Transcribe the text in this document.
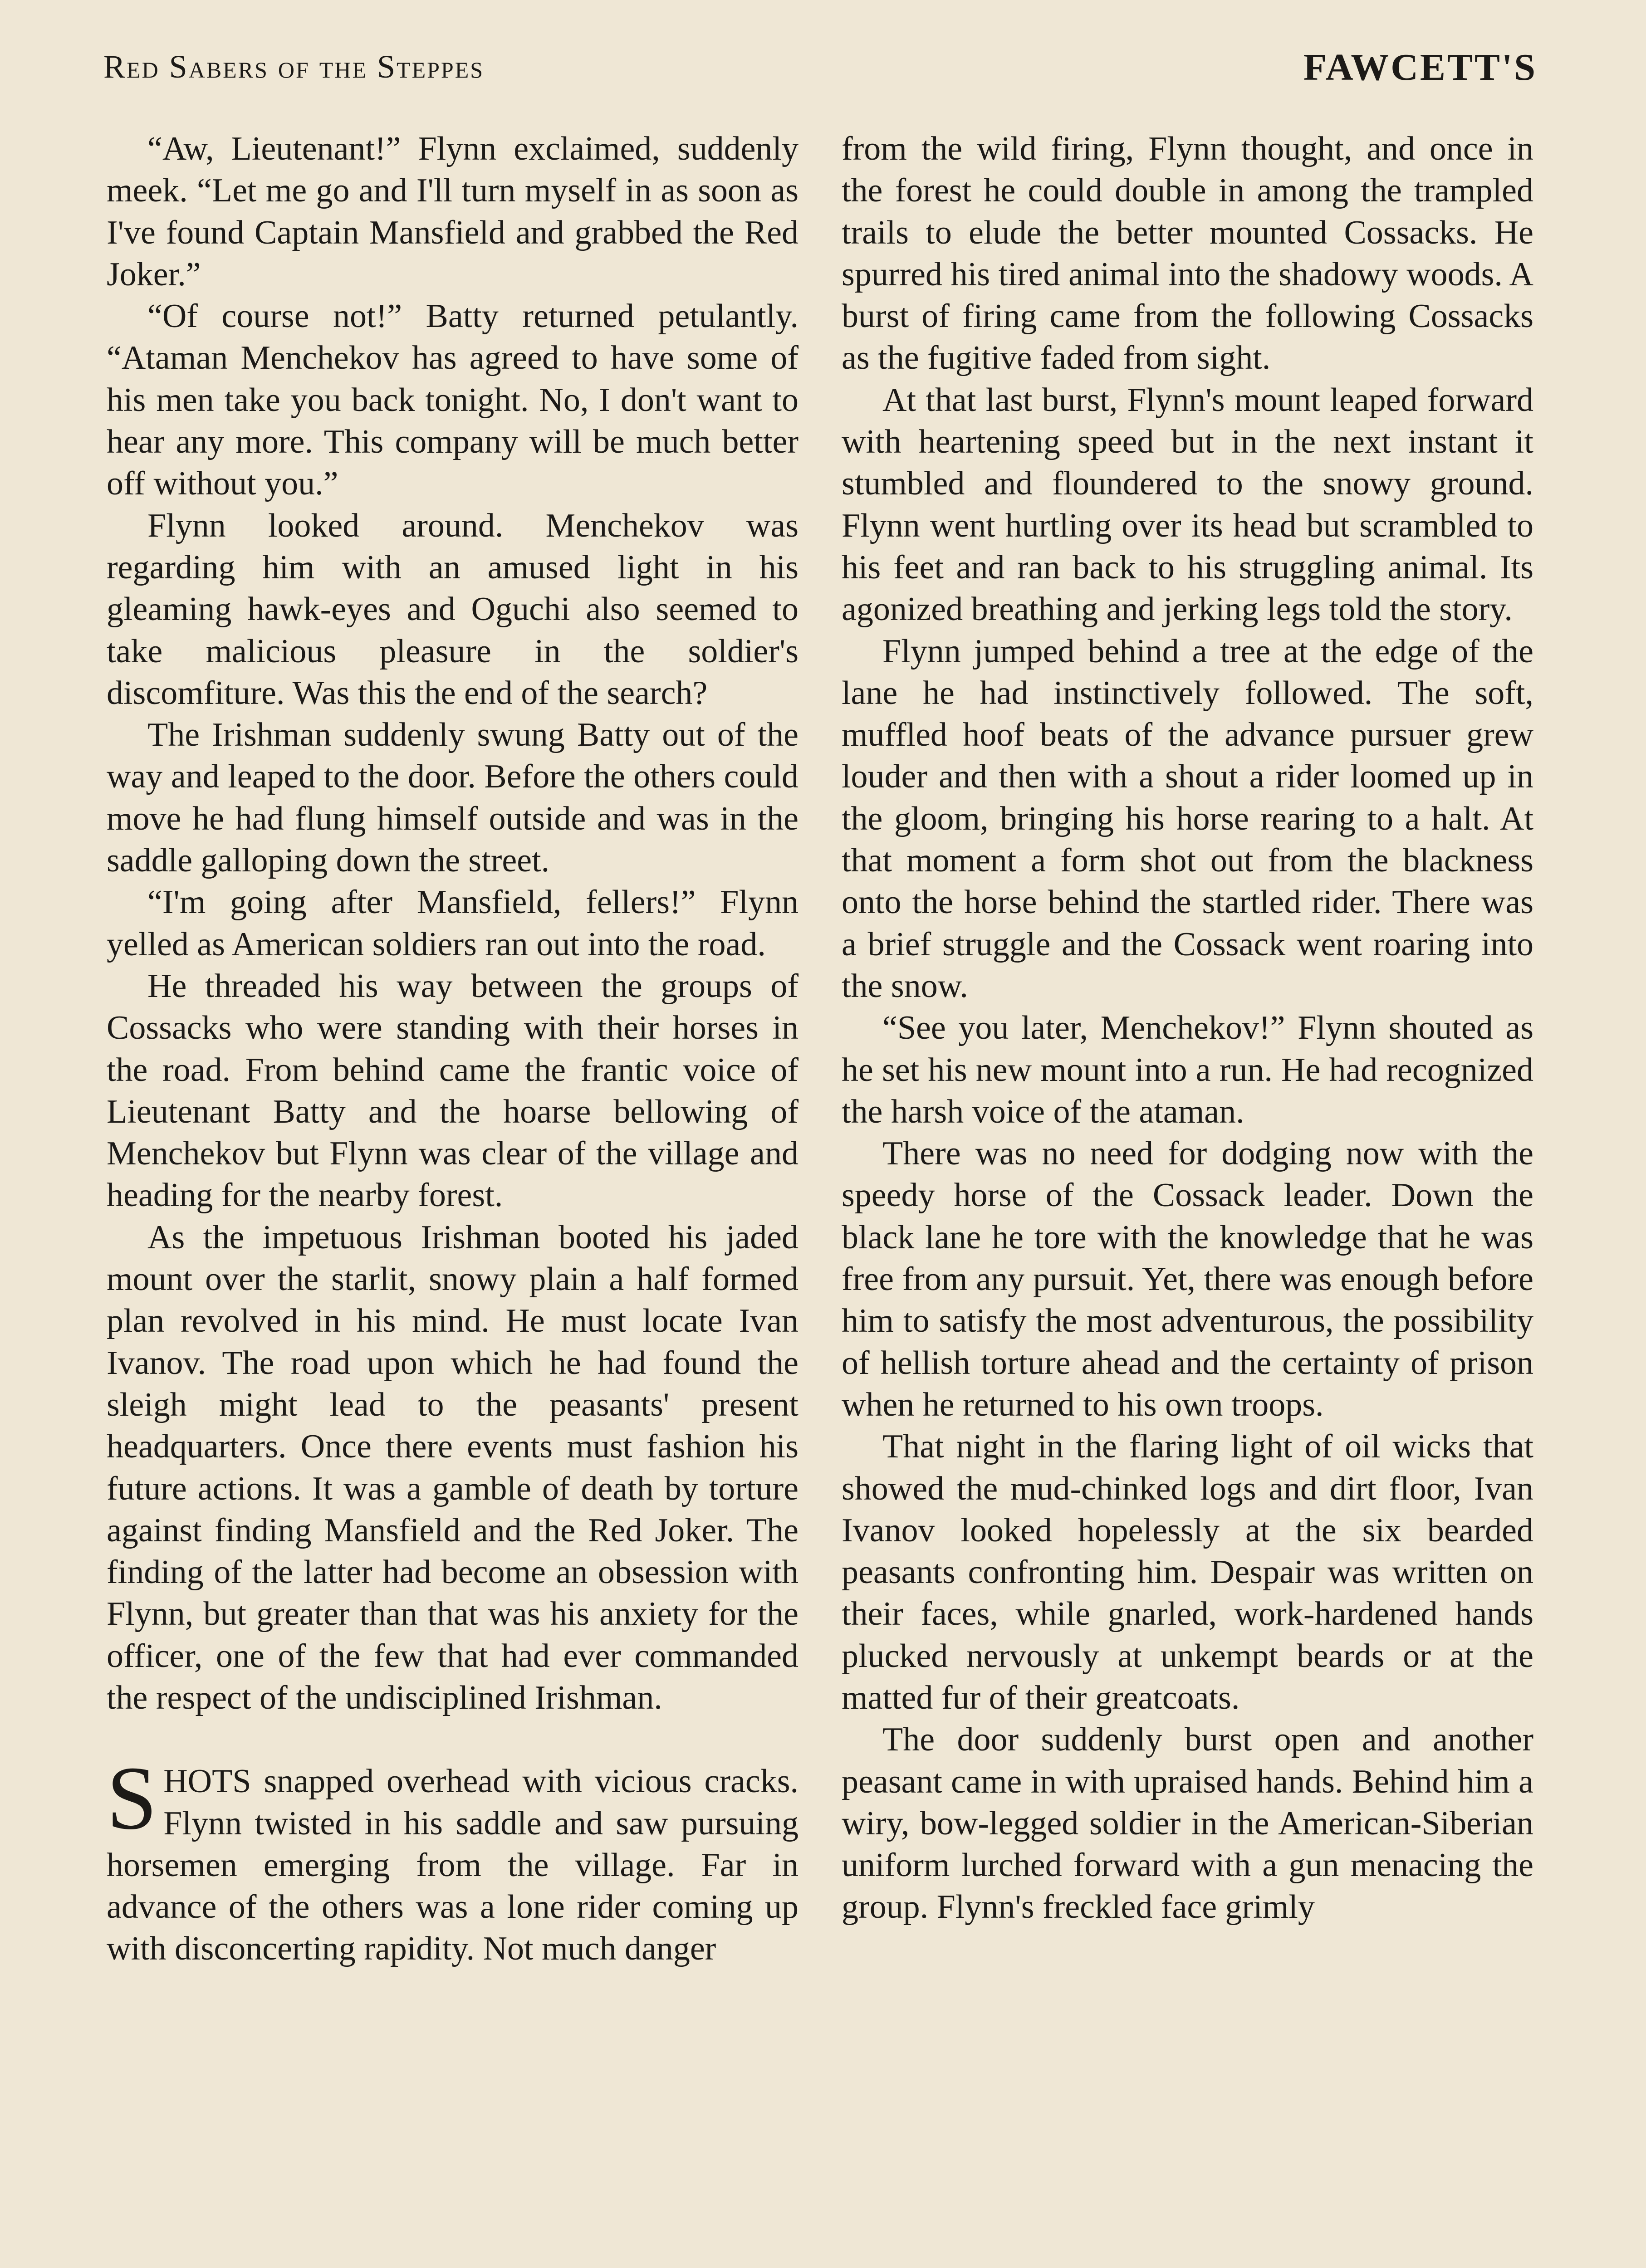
Red Sabers of the Steppes	FAWCETT'S

“Aw, Lieutenant!” Flynn exclaimed, suddenly meek. “Let me go and I'll turn myself in as soon as I've found Captain Mansfield and grabbed the Red Joker.”

“Of course not!” Batty returned petulantly. “Ataman Menchekov has agreed to have some of his men take you back tonight. No, I don't want to hear any more. This company will be much better off without you.”

Flynn looked around. Menchekov was regarding him with an amused light in his gleaming hawk-eyes and Oguchi also seemed to take malicious pleasure in the soldier's discomfiture. Was this the end of the search?

The Irishman suddenly swung Batty out of the way and leaped to the door. Before the others could move he had flung himself outside and was in the saddle galloping down the street.

“I'm going after Mansfield, fellers!” Flynn yelled as American soldiers ran out into the road.

He threaded his way between the groups of Cossacks who were standing with their horses in the road. From behind came the frantic voice of Lieutenant Batty and the hoarse bellowing of Menchekov but Flynn was clear of the village and heading for the nearby forest.

As the impetuous Irishman booted his jaded mount over the starlit, snowy plain a half formed plan revolved in his mind. He must locate Ivan Ivanov. The road upon which he had found the sleigh might lead to the peasants' present headquarters. Once there events must fashion his future actions. It was a gamble of death by torture against finding Mansfield and the Red Joker. The finding of the latter had become an obsession with Flynn, but greater than that was his anxiety for the officer, one of the few that had ever commanded the respect of the undisciplined Irishman.

SHOTS snapped overhead with vicious cracks. Flynn twisted in his saddle and saw pursuing horsemen emerging from the village. Far in advance of the others was a lone rider coming up with disconcerting rapidity. Not much danger

from the wild firing, Flynn thought, and once in the forest he could double in among the trampled trails to elude the better mounted Cossacks. He spurred his tired animal into the shadowy woods. A burst of firing came from the following Cossacks as the fugitive faded from sight.

At that last burst, Flynn's mount leaped forward with heartening speed but in the next instant it stumbled and floundered to the snowy ground. Flynn went hurtling over its head but scrambled to his feet and ran back to his struggling animal. Its agonized breathing and jerking legs told the story.

Flynn jumped behind a tree at the edge of the lane he had instinctively followed. The soft, muffled hoof beats of the advance pursuer grew louder and then with a shout a rider loomed up in the gloom, bringing his horse rearing to a halt. At that moment a form shot out from the blackness onto the horse behind the startled rider. There was a brief struggle and the Cossack went roaring into the snow.

“See you later, Menchekov!” Flynn shouted as he set his new mount into a run. He had recognized the harsh voice of the ataman.

There was no need for dodging now with the speedy horse of the Cossack leader. Down the black lane he tore with the knowledge that he was free from any pursuit. Yet, there was enough before him to satisfy the most adventurous, the possibility of hellish torture ahead and the certainty of prison when he returned to his own troops.

That night in the flaring light of oil wicks that showed the mud-chinked logs and dirt floor, Ivan Ivanov looked hopelessly at the six bearded peasants confronting him. Despair was written on their faces, while gnarled, work-hardened hands plucked nervously at unkempt beards or at the matted fur of their greatcoats.

The door suddenly burst open and another peasant came in with upraised hands. Behind him a wiry, bow-legged soldier in the American-Siberian uniform lurched forward with a gun menacing the group. Flynn's freckled face grimly
